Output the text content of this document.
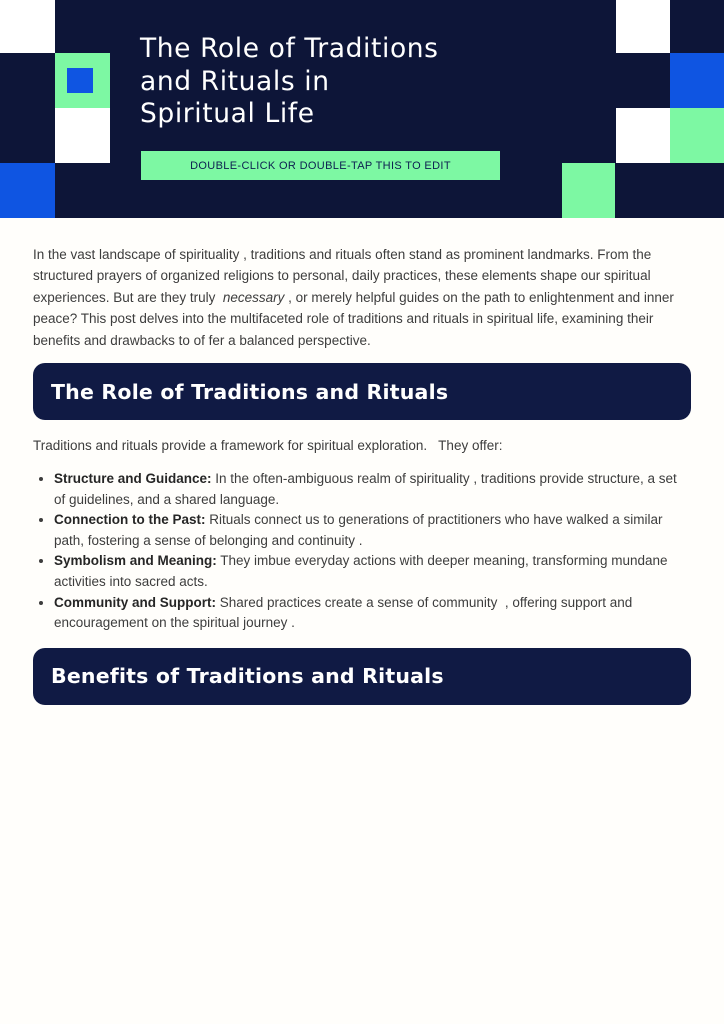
The Role of Traditions
and Rituals in
Spiritual Life
DOUBLE-CLICK OR DOUBLE-TAP THIS TO EDIT

In the vast landscape of spirituality , traditions and rituals often stand as prominent landmarks. From the structured prayers of organized religions to personal, daily practices, these elements shape our spiritual experiences. But are they truly  necessary , or merely helpful guides on the path to enlightenment and inner peace? This post delves into the multifaceted role of traditions and rituals in spiritual life, examining their benefits and drawbacks to of fer a balanced perspective.

The Role of Traditions and Rituals

Traditions and rituals provide a framework for spiritual exploration.   They offer:

• Structure and Guidance: In the often-ambiguous realm of spirituality , traditions provide structure, a set of guidelines, and a shared language.
• Connection to the Past: Rituals connect us to generations of practitioners who have walked a similar path, fostering a sense of belonging and continuity .
• Symbolism and Meaning: They imbue everyday actions with deeper meaning, transforming mundane activities into sacred acts.
• Community and Support: Shared practices create a sense of community  , offering support and encouragement on the spiritual journey .
Benefits of Traditions and Rituals
